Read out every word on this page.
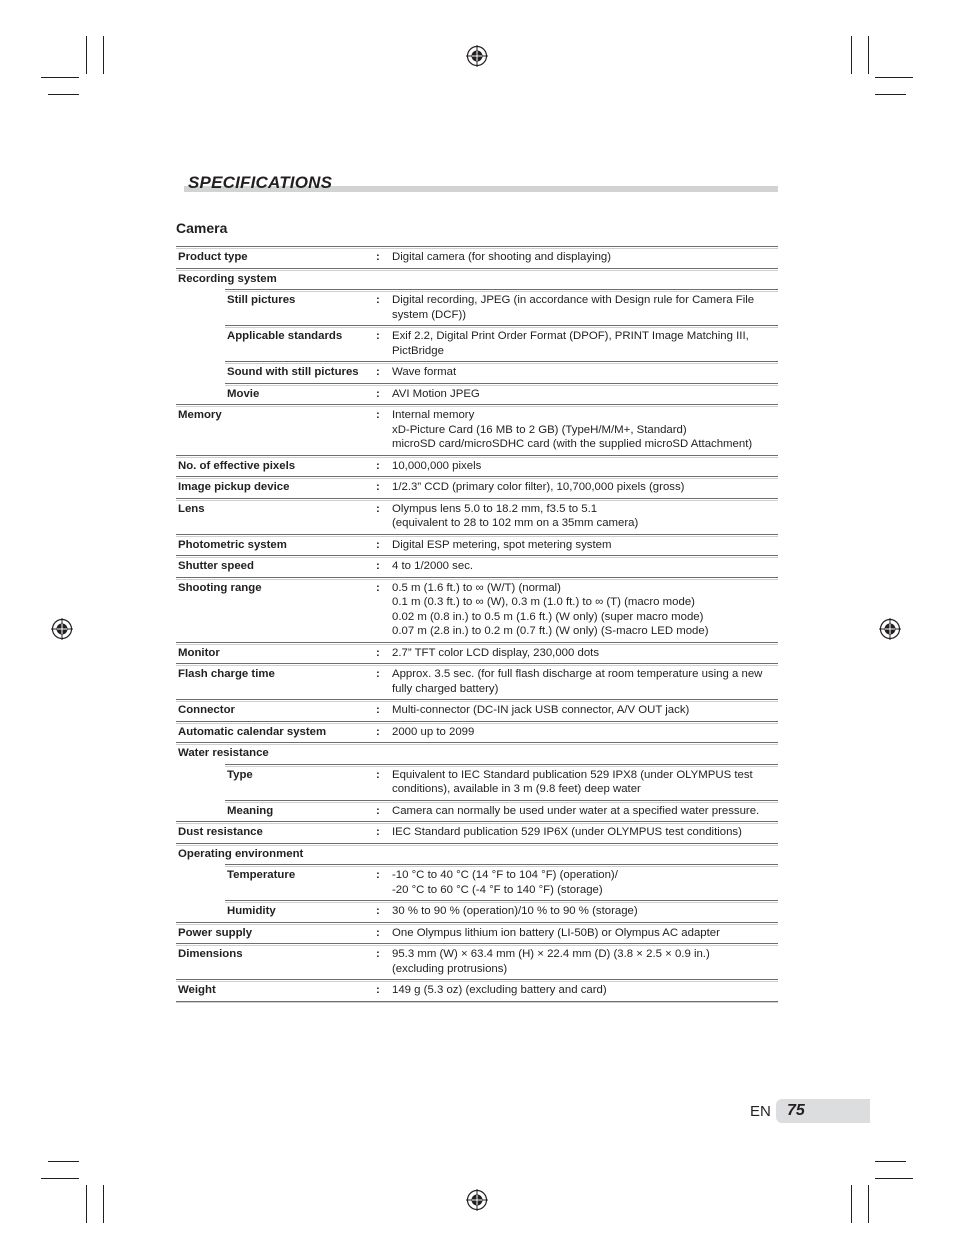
SPECIFICATIONS
Camera
Product type	:	Digital camera (for shooting and displaying)
Recording system
Still pictures	:	Digital recording, JPEG (in accordance with Design rule for Camera File system (DCF))
Applicable standards	:	Exif 2.2, Digital Print Order Format (DPOF), PRINT Image Matching III, PictBridge
Sound with still pictures	:	Wave format
Movie	:	AVI Motion JPEG
Memory	:	Internal memory
xD-Picture Card (16 MB to 2 GB) (TypeH/M/M+, Standard)
microSD card/microSDHC card (with the supplied microSD Attachment)
No. of effective pixels	:	10,000,000 pixels
Image pickup device	:	1/2.3” CCD (primary color filter), 10,700,000 pixels (gross)
Lens	:	Olympus lens 5.0 to 18.2 mm, f3.5 to 5.1
(equivalent to 28 to 102 mm on a 35mm camera)
Photometric system	:	Digital ESP metering, spot metering system
Shutter speed	:	4 to 1/2000 sec.
Shooting range	:	0.5 m (1.6 ft.) to ∞ (W/T) (normal)
0.1 m (0.3 ft.) to ∞ (W), 0.3 m (1.0 ft.) to ∞ (T) (macro mode)
0.02 m (0.8 in.) to 0.5 m (1.6 ft.) (W only) (super macro mode)
0.07 m (2.8 in.) to 0.2 m (0.7 ft.) (W only) (S-macro LED mode)
Monitor	:	2.7” TFT color LCD display, 230,000 dots
Flash charge time	:	Approx. 3.5 sec. (for full flash discharge at room temperature using a new fully charged battery)
Connector	:	Multi-connector (DC-IN jack USB connector, A/V OUT jack)
Automatic calendar system	:	2000 up to 2099
Water resistance
Type	:	Equivalent to IEC Standard publication 529 IPX8 (under OLYMPUS test conditions), available in 3 m (9.8 feet) deep water
Meaning	:	Camera can normally be used under water at a specified water pressure.
Dust resistance	:	IEC Standard publication 529 IP6X (under OLYMPUS test conditions)
Operating environment
Temperature	:	-10 °C to 40 °C (14 °F to 104 °F) (operation)/
-20 °C to 60 °C (-4 °F to 140 °F) (storage)
Humidity	:	30 % to 90 % (operation)/10 % to 90 % (storage)
Power supply	:	One Olympus lithium ion battery (LI-50B) or Olympus AC adapter
Dimensions	:	95.3 mm (W) × 63.4 mm (H) × 22.4 mm (D) (3.8 × 2.5 × 0.9 in.)
(excluding protrusions)
Weight	:	149 g (5.3 oz) (excluding battery and card)
EN 75
